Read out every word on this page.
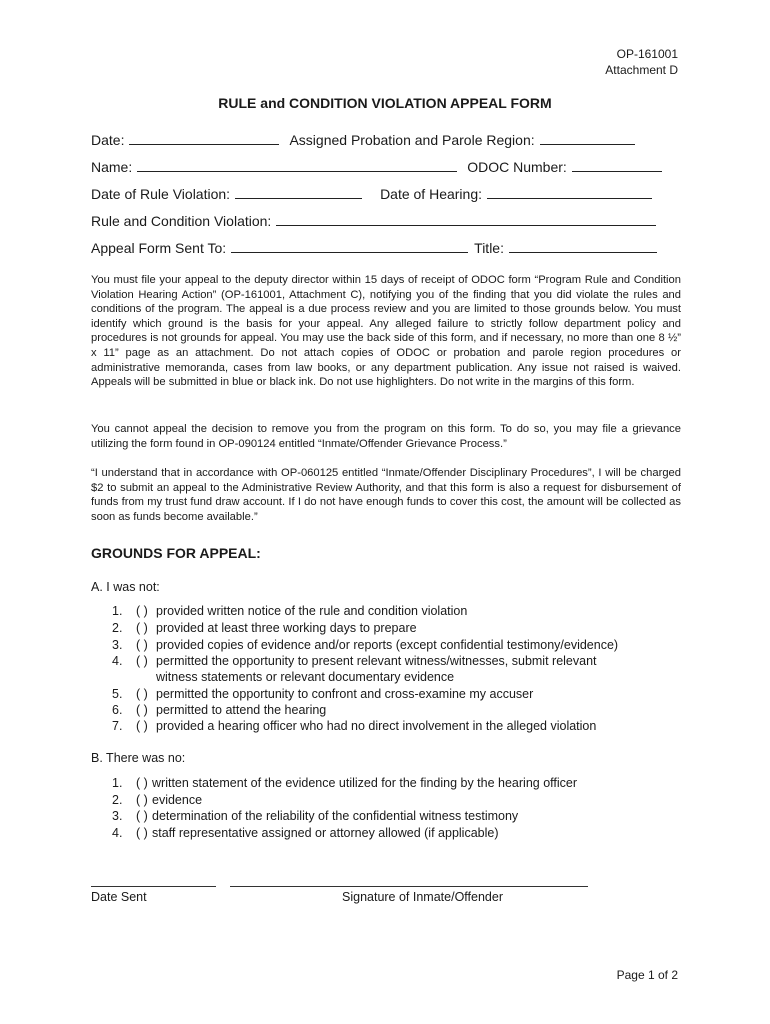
OP-161001
Attachment D
RULE and CONDITION VIOLATION APPEAL FORM
Date:	Assigned Probation and Parole Region:
Name:	ODOC Number:
Date of Rule Violation:	Date of Hearing:
Rule and Condition Violation:
Appeal Form Sent To:	Title:

You must file your appeal to the deputy director within 15 days of receipt of ODOC form “Program Rule and Condition Violation Hearing Action” (OP-161001, Attachment C), notifying you of the finding that you did violate the rules and conditions of the program. The appeal is a due process review and you are limited to those grounds below. You must identify which ground is the basis for your appeal. Any alleged failure to strictly follow department policy and procedures is not grounds for appeal. You may use the back side of this form, and if necessary, no more than one 8 ½” x 11” page as an attachment. Do not attach copies of ODOC or probation and parole region procedures or administrative memoranda, cases from law books, or any department publication. Any issue not raised is waived. Appeals will be submitted in blue or black ink. Do not use highlighters. Do not write in the margins of this form.

You cannot appeal the decision to remove you from the program on this form. To do so, you may file a grievance utilizing the form found in OP-090124 entitled “Inmate/Offender Grievance Process.”

“I understand that in accordance with OP-060125 entitled “Inmate/Offender Disciplinary Procedures”, I will be charged $2 to submit an appeal to the Administrative Review Authority, and that this form is also a request for disbursement of funds from my trust fund draw account. If I do not have enough funds to cover this cost, the amount will be collected as soon as funds become available.”

GROUNDS FOR APPEAL:
A. I was not:
1. ( ) provided written notice of the rule and condition violation
2. ( ) provided at least three working days to prepare
3. ( ) provided copies of evidence and/or reports (except confidential testimony/evidence)
4. ( ) permitted the opportunity to present relevant witness/witnesses, submit relevant
witness statements or relevant documentary evidence
5. ( ) permitted the opportunity to confront and cross-examine my accuser
6. ( ) permitted to attend the hearing
7. ( ) provided a hearing officer who had no direct involvement in the alleged violation
B. There was no:
1. ( ) written statement of the evidence utilized for the finding by the hearing officer
2. ( ) evidence
3. ( ) determination of the reliability of the confidential witness testimony
4. ( ) staff representative assigned or attorney allowed (if applicable)
Date Sent	Signature of Inmate/Offender
Page 1 of 2
